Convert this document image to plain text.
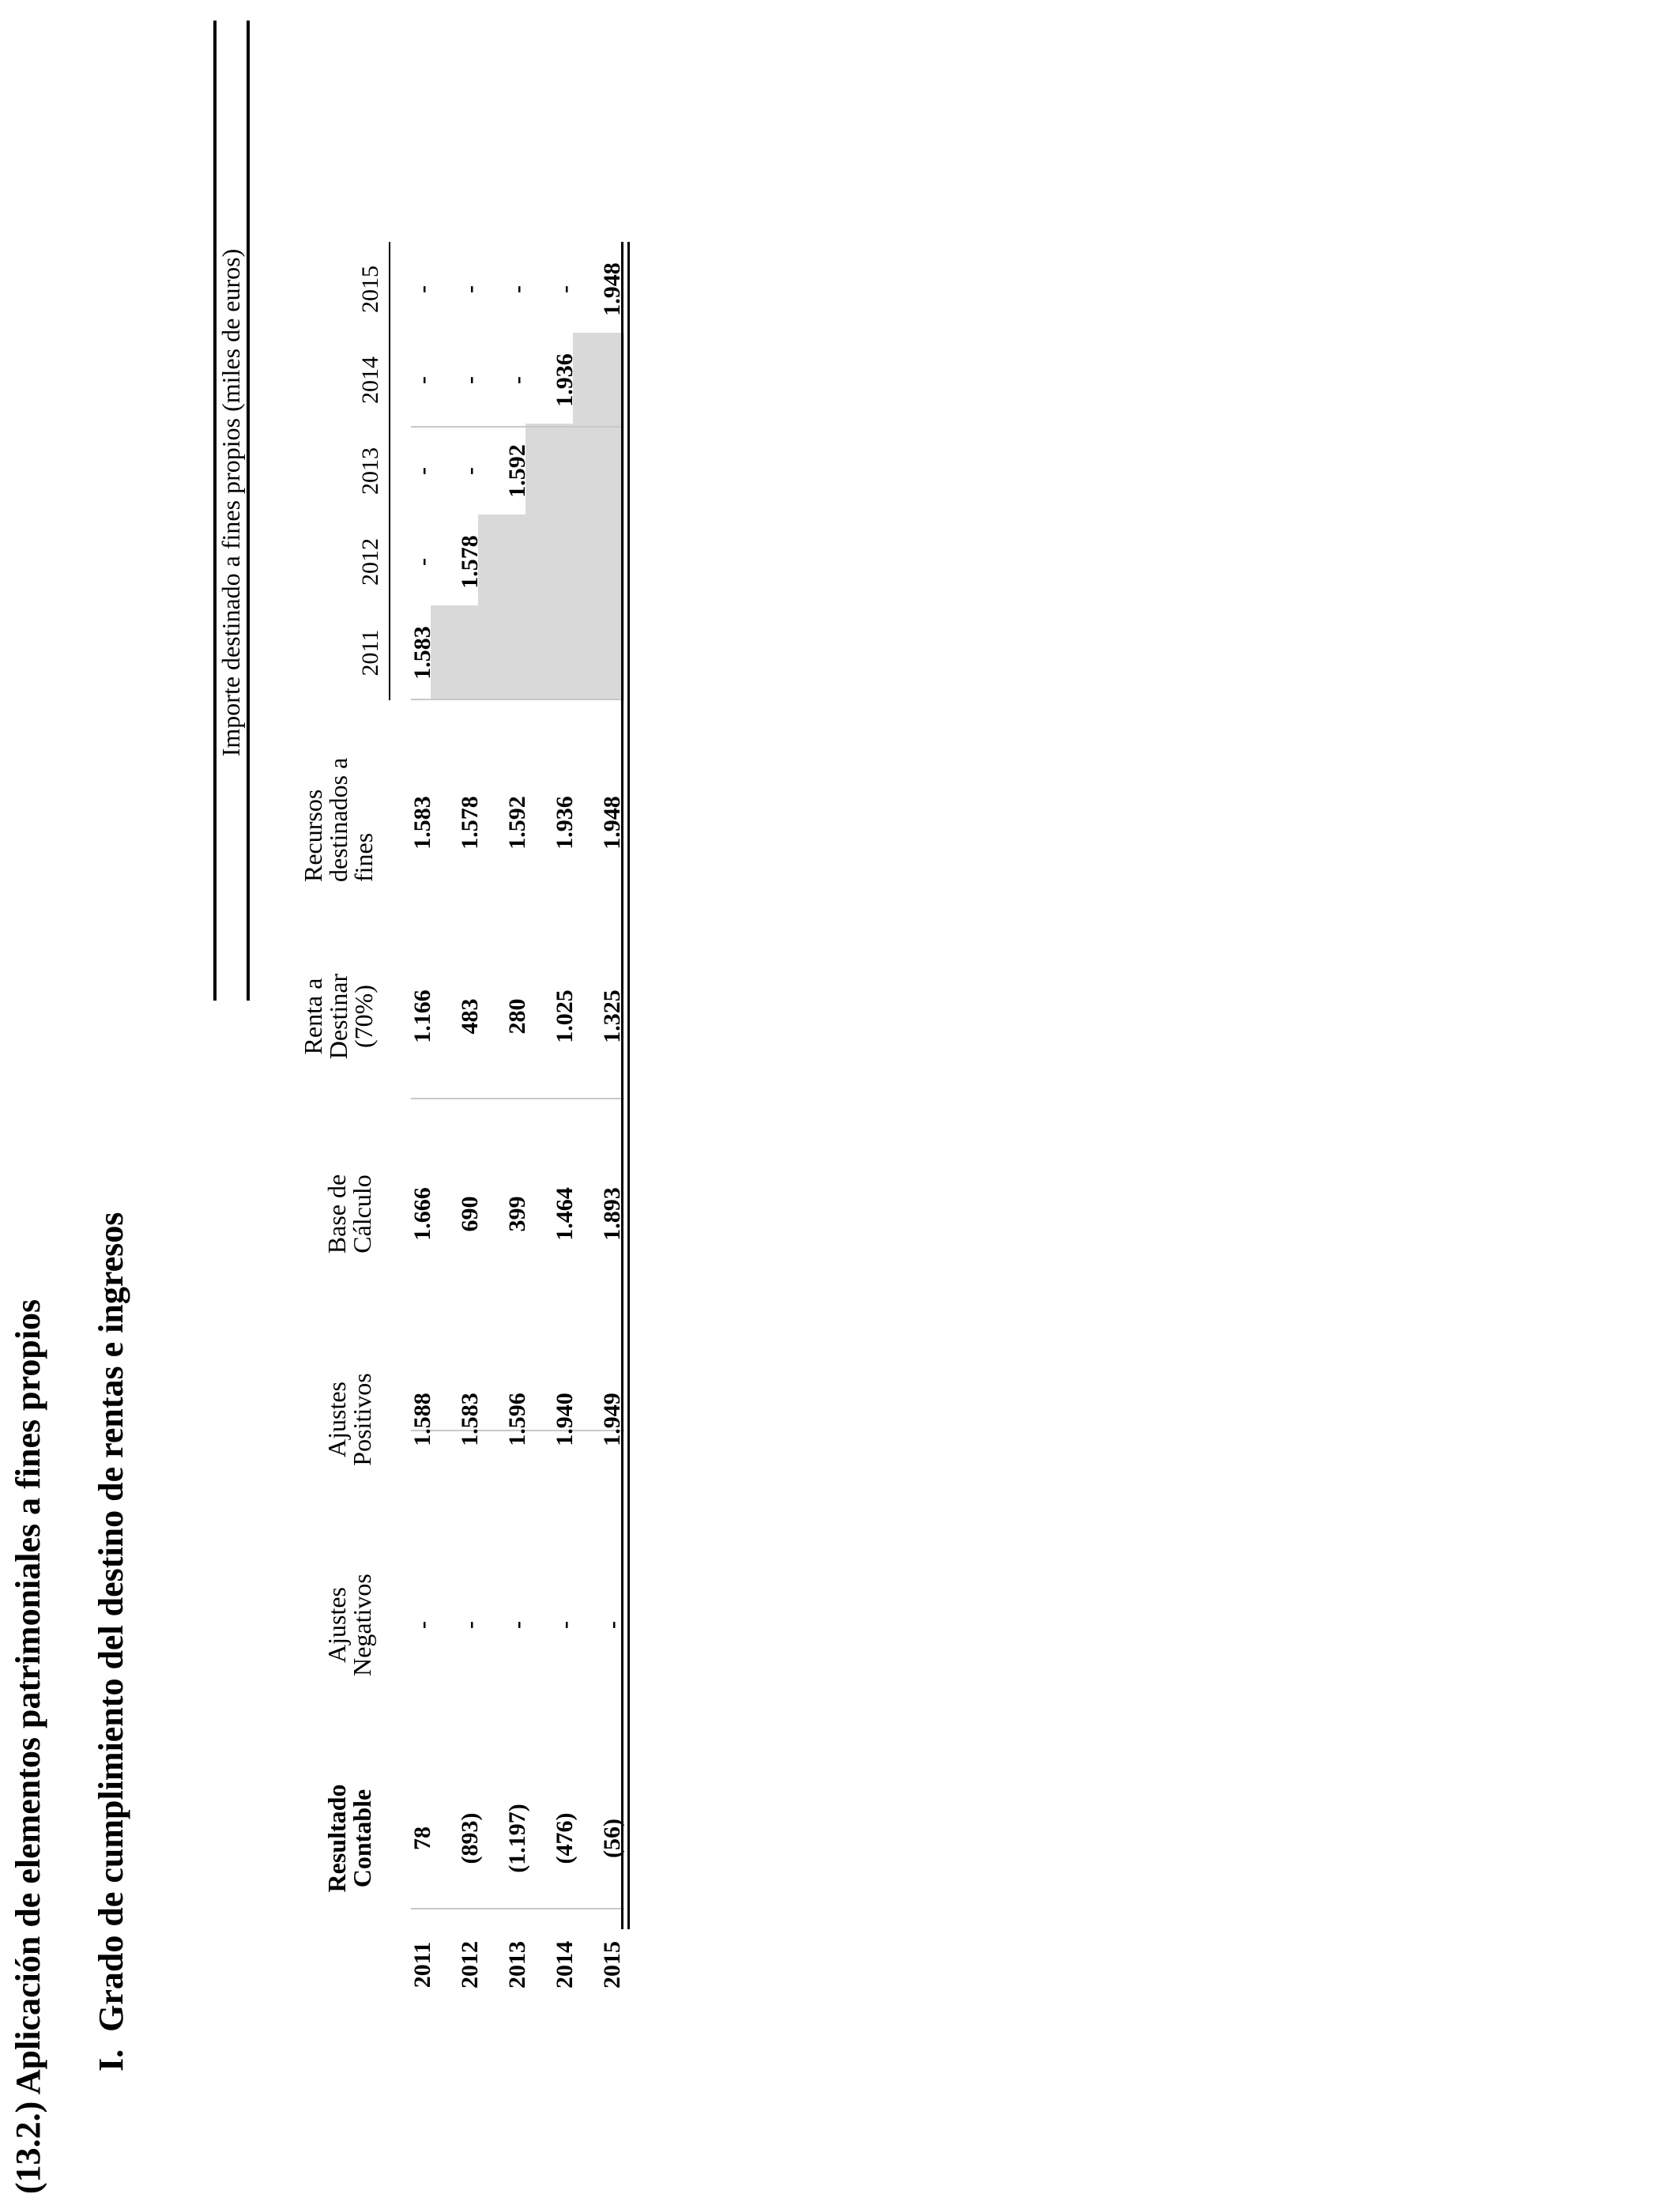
(13.2.) Aplicación de elementos patrimoniales a fines propios I.Grado de cumplimiento del destino de rentas e ingresos
Importe destinado a fines propios (miles de euros)
Resultado
Contable
Ajustes
Negativos
Ajustes
Positivos
Base de
Cálculo
Renta a
Destinar
(70%)
Recursos
destinados a
fines
2011
2012
2013
2014
2015
2011
78
-
1.588
1.666
1.166
1.583
1.583
-
-
-
-
2012
(893)
-
1.583
690
483
1.578
1.578
-
-
-
2013
(1.197)
-
1.596
399
280
1.592
1.592
-
-
2014
(476)
-
1.940
1.464
1.025
1.936
1.936
-
2015
(56)
-
1.949
1.893
1.325
1.948
1.948
